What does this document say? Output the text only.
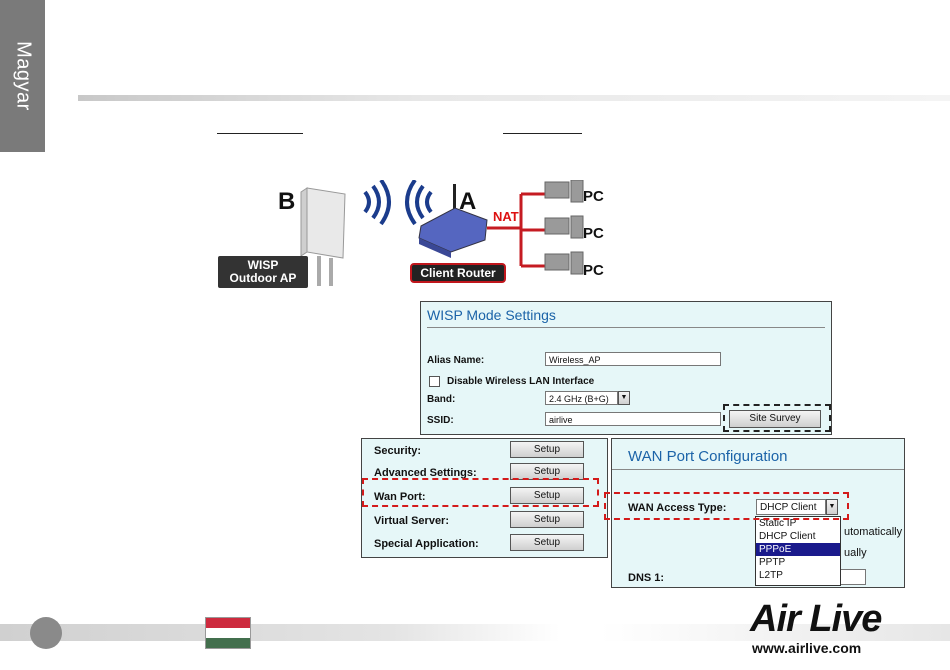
Magyar
B	A
NAT
PC
PC
PC
WISP
Outdoor AP	Client Router
WISP Mode Settings
Alias Name:	Wireless_AP
Disable Wireless LAN Interface
Band:	2.4 GHz (B+G)	▼
SSID:	airlive	Site Survey
Security:	Setup
Advanced Settings:	Setup
Wan Port:	Setup
Virtual Server:	Setup
Special Application:	Setup
WAN Port Configuration
WAN Access Type:	DHCP Client	▼
utomatically
ually
DNS 1:
Static IP
DHCP Client
PPPoE
PPTP
L2TP
Air Live
www.airlive.com
